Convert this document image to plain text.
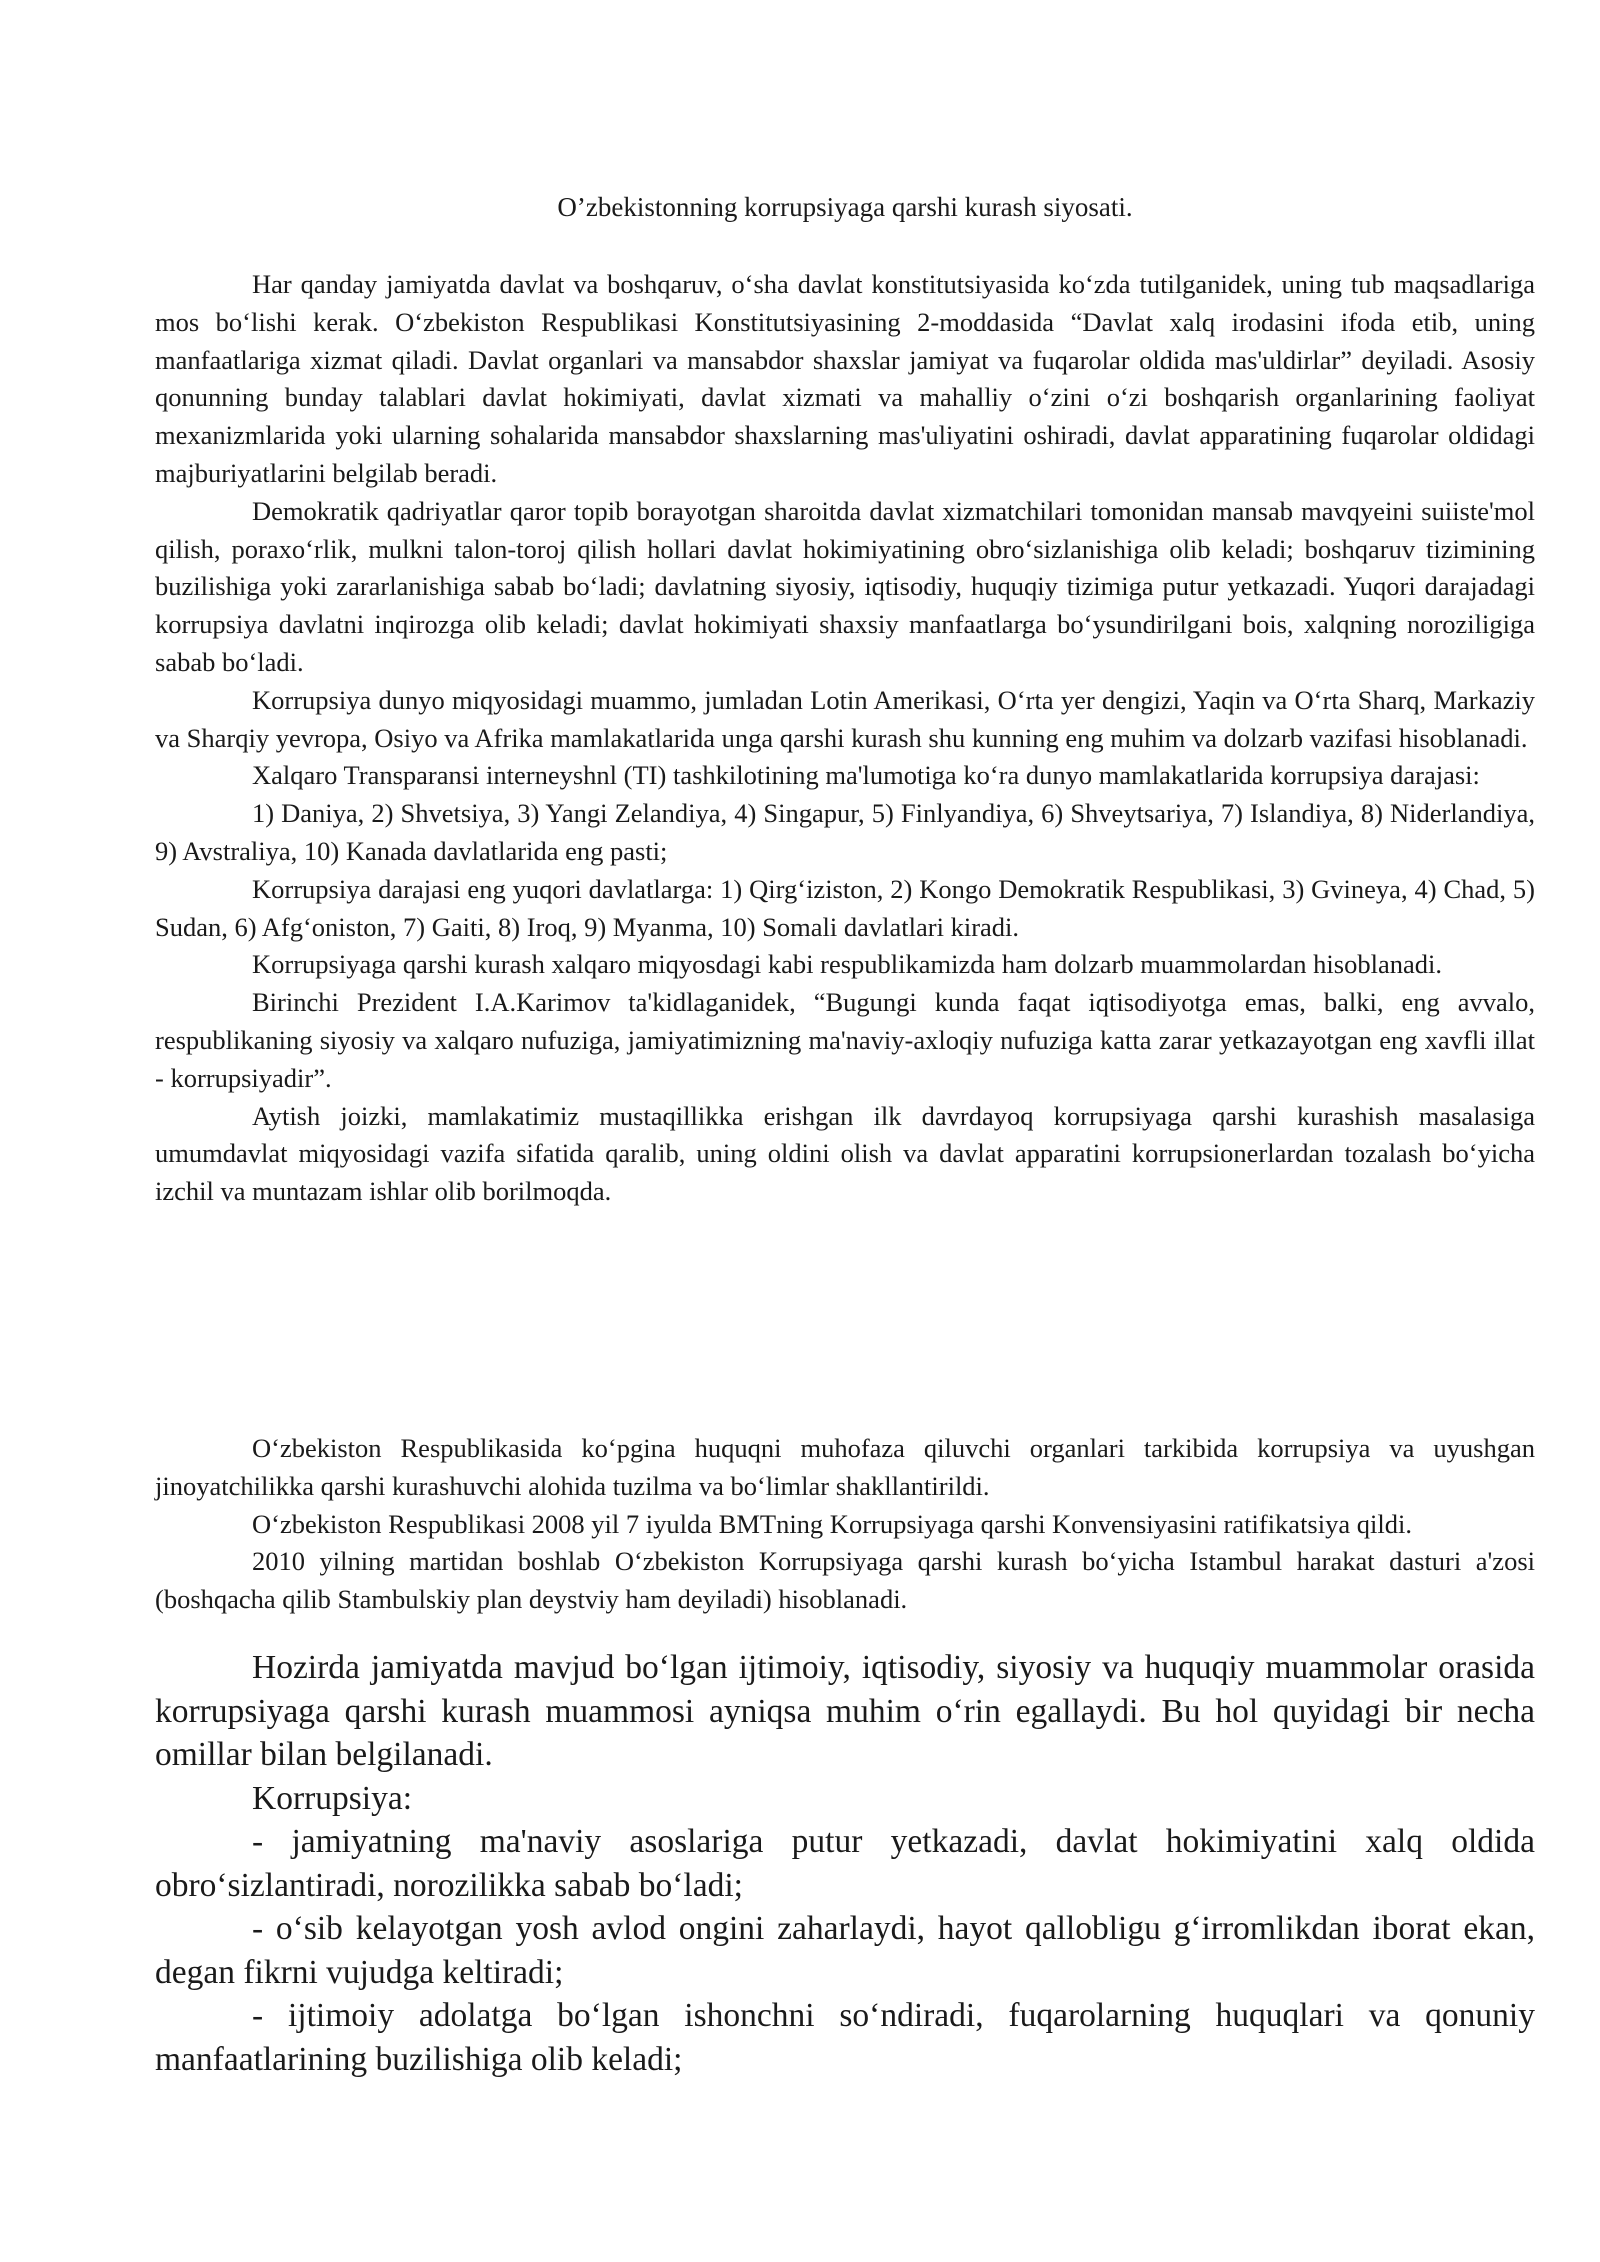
O’zbekistonning korrupsiyaga qarshi kurash siyosati.

Har qanday jamiyatda davlat va boshqaruv, o‘sha davlat konstitutsiyasida ko‘zda tutilganidek, uning tub maqsadlariga mos bo‘lishi kerak. O‘zbekiston Respublikasi Konstitutsiyasining 2-moddasida “Davlat xalq irodasini ifoda etib, uning manfaatlariga xizmat qiladi. Davlat organlari va mansabdor shaxslar jamiyat va fuqarolar oldida mas'uldirlar” deyiladi. Asosiy qonunning bunday talablari davlat hokimiyati, davlat xizmati va mahalliy o‘zini o‘zi boshqarish organlarining faoliyat mexanizmlarida yoki ularning sohalarida mansabdor shaxslarning mas'uliyatini oshiradi, davlat apparatining fuqarolar oldidagi majburiyatlarini belgilab beradi.

Demokratik qadriyatlar qaror topib borayotgan sharoitda davlat xizmatchilari tomonidan mansab mavqyeini suiiste'mol qilish, poraxo‘rlik, mulkni talon-toroj qilish hollari davlat hokimiyatining obro‘sizlanishiga olib keladi; boshqaruv tizimining buzilishiga yoki zararlanishiga sabab bo‘ladi; davlatning siyosiy, iqtisodiy, huquqiy tizimiga putur yetkazadi. Yuqori darajadagi korrupsiya davlatni inqirozga olib keladi; davlat hokimiyati shaxsiy manfaatlarga bo‘ysundirilgani bois, xalqning noroziligiga sabab bo‘ladi.

Korrupsiya dunyo miqyosidagi muammo, jumladan Lotin Amerikasi, O‘rta yer dengizi, Yaqin va O‘rta Sharq, Markaziy va Sharqiy yevropa, Osiyo va Afrika mamlakatlarida unga qarshi kurash shu kunning eng muhim va dolzarb vazifasi hisoblanadi.

Xalqaro Transparansi interneyshnl (TI) tashkilotining ma'lumotiga ko‘ra dunyo mamlakatlarida korrupsiya darajasi:

1) Daniya, 2) Shvetsiya, 3) Yangi Zelandiya, 4) Singapur, 5) Finlyandiya, 6) Shveytsariya, 7) Islandiya, 8) Niderlandiya, 9) Avstraliya, 10) Kanada davlatlarida eng pasti;

Korrupsiya darajasi eng yuqori davlatlarga: 1) Qirg‘iziston, 2) Kongo Demokratik Respublikasi, 3) Gvineya, 4) Chad, 5) Sudan, 6) Afg‘oniston, 7) Gaiti, 8) Iroq, 9) Myanma, 10) Somali davlatlari kiradi.

Korrupsiyaga qarshi kurash xalqaro miqyosdagi kabi respublikamizda ham dolzarb muammolardan hisoblanadi.

Birinchi Prezident I.A.Karimov ta'kidlaganidek, “Bugungi kunda faqat iqtisodiyotga emas, balki, eng avvalo, respublikaning siyosiy va xalqaro nufuziga, jamiyatimizning ma'naviy-axloqiy nufuziga katta zarar yetkazayotgan eng xavfli illat - korrupsiyadir”.

Aytish joizki, mamlakatimiz mustaqillikka erishgan ilk davrdayoq korrupsiyaga qarshi kurashish masalasiga umumdavlat miqyosidagi vazifa sifatida qaralib, uning oldini olish va davlat apparatini korrupsionerlardan tozalash bo‘yicha izchil va muntazam ishlar olib borilmoqda.

O‘zbekiston Respublikasida ko‘pgina huquqni muhofaza qiluvchi organlari tarkibida korrupsiya va uyushgan jinoyatchilikka qarshi kurashuvchi alohida tuzilma va bo‘limlar shakllantirildi.

O‘zbekiston Respublikasi 2008 yil 7 iyulda BMTning Korrupsiyaga qarshi Konvensiyasini ratifikatsiya qildi.

2010 yilning martidan boshlab O‘zbekiston Korrupsiyaga qarshi kurash bo‘yicha Istambul harakat dasturi a'zosi (boshqacha qilib Stambulskiy plan deystviy ham deyiladi) hisoblanadi.

Hozirda jamiyatda mavjud bo‘lgan ijtimoiy, iqtisodiy, siyosiy va huquqiy muammolar orasida korrupsiyaga qarshi kurash muammosi ayniqsa muhim o‘rin egallaydi. Bu hol quyidagi bir necha omillar bilan belgilanadi.

Korrupsiya:

- jamiyatning ma'naviy asoslariga putur yetkazadi, davlat hokimiyatini xalq oldida obro‘sizlantiradi, norozilikka sabab bo‘ladi;

- o‘sib kelayotgan yosh avlod ongini zaharlaydi, hayot qallobligu g‘irromlikdan iborat ekan, degan fikrni vujudga keltiradi;

- ijtimoiy adolatga bo‘lgan ishonchni so‘ndiradi, fuqarolarning huquqlari va qonuniy manfaatlarining buzilishiga olib keladi;
